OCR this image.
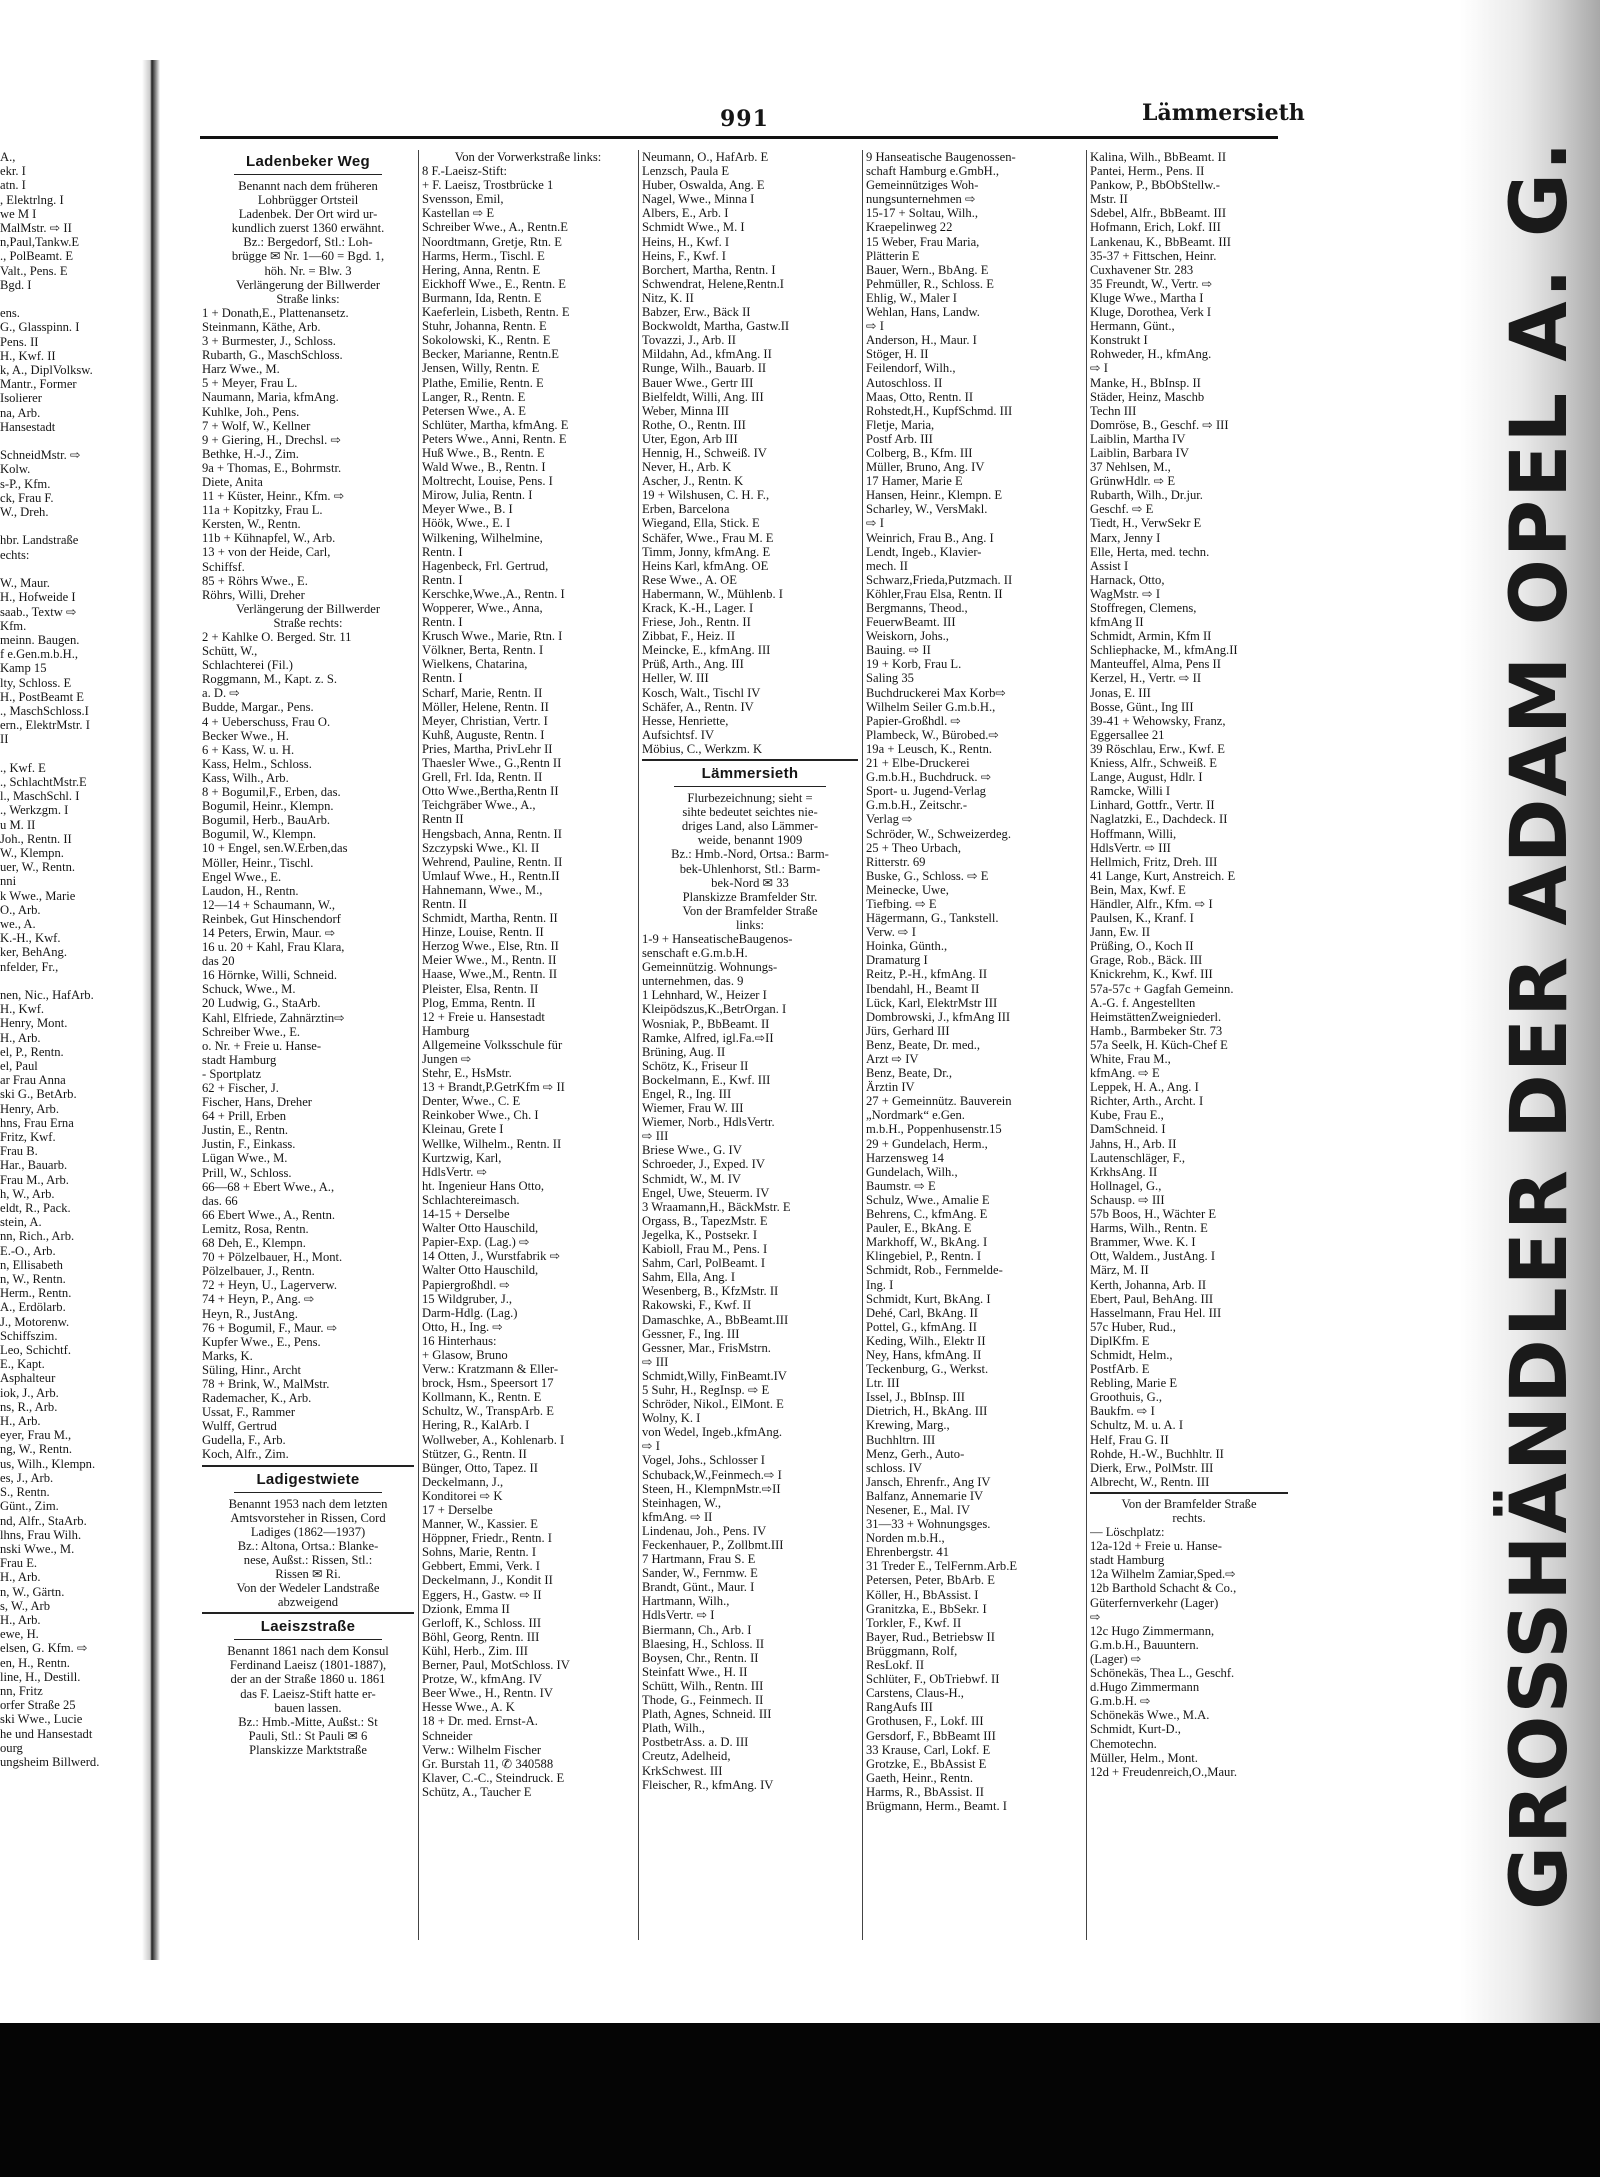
A.,
ekr. I
atn. I
, Elektrlng. I
we M I
MalMstr. ⇨ II
n,Paul,Tankw.E
., PolBeamt. E
Valt., Pens. E
Bgd. I

ens.
G., Glasspinn. I
Pens. II
H., Kwf. II
k, A., DiplVolksw.
Mantr., Former
Isolierer
na, Arb.
Hansestadt

SchneidMstr. ⇨
Kolw.
s-P., Kfm.
ck, Frau F.
W., Dreh.

hbr. Landstraße
echts:

W., Maur.
H., Hofweide I
saab., Textw ⇨
Kfm.
meinn. Baugen.
f e.Gen.m.b.H.,
Kamp 15
lty, Schloss. E
H., PostBeamt E
., MaschSchloss.I
ern., ElektrMstr. I
II

., Kwf. E
., SchlachtMstr.E
l., MaschSchl. I
., Werkzgm. I
u M. II
Joh., Rentn. II
W., Klempn.
uer, W., Rentn.
nni
k Wwe., Marie
O., Arb.
we., A.
K.-H., Kwf.
ker, BehAng.
nfelder, Fr.,

nen, Nic., HafArb.
H., Kwf.
Henry, Mont.
H., Arb.
el, P., Rentn.
el, Paul
ar Frau Anna
ski G., BetArb.
Henry, Arb.
hns, Frau Erna
Fritz, Kwf.
Frau B.
Har., Bauarb.
Frau M., Arb.
h, W., Arb.
eldt, R., Pack.
stein, A.
nn, Rich., Arb.
E.-O., Arb.
n, Ellisabeth
n, W., Rentn.
Herm., Rentn.
A., Erdölarb.
J., Motorenw.
Schiffszim.
Leo, Schichtf.
E., Kapt.
Asphalteur
iok, J., Arb.
ns, R., Arb.
H., Arb.
eyer, Frau M.,
ng, W., Rentn.
us, Wilh., Klempn.
es, J., Arb.
S., Rentn.
Günt., Zim.
nd, Alfr., StaArb.
lhns, Frau Wilh.
nski Wwe., M.
Frau E.
H., Arb.
n, W., Gärtn.
s, W., Arb
H., Arb.
ewe, H.
elsen, G. Kfm. ⇨
en, H., Rentn.
line, H., Destill.
nn, Fritz
orfer Straße 25
ski Wwe., Lucie
he und Hansestadt
ourg
ungsheim Billwerd.	GROSSHÄNDLER DER ADAM OPEL A. G.
991	Lämmersieth
Ladenbeker Weg
Benannt nach dem früheren
Lohbrügger Ortsteil
Ladenbek. Der Ort wird ur-
kundlich zuerst 1360 erwähnt.
Bz.: Bergedorf, Stl.: Loh-
brügge ✉ Nr. 1—60 = Bgd. 1,
höh. Nr. = Blw. 3
Verlängerung der Billwerder
Straße links:
1 + Donath,E., Plattenansetz.
Steinmann, Käthe, Arb.
3 + Burmester, J., Schloss.
Rubarth, G., MaschSchloss.
Harz Wwe., M.
5 + Meyer, Frau L.
Naumann, Maria, kfmAng.
Kuhlke, Joh., Pens.
7 + Wolf, W., Kellner
9 + Giering, H., Drechsl. ⇨
Bethke, H.-J., Zim.
9a + Thomas, E., Bohrmstr.
Diete, Anita
11 + Küster, Heinr., Kfm. ⇨
11a + Kopitzky, Frau L.
Kersten, W., Rentn.
11b + Kühnapfel, W., Arb.
13 + von der Heide, Carl,
Schiffsf.
85 + Röhrs Wwe., E.
Röhrs, Willi, Dreher
Verlängerung der Billwerder
Straße rechts:
2 + Kahlke O. Berged. Str. 11
Schütt, W.,
Schlachterei (Fil.)
Roggmann, M., Kapt. z. S.
a. D. ⇨
Budde, Margar., Pens.
4 + Ueberschuss, Frau O.
Becker Wwe., H.
6 + Kass, W. u. H.
Kass, Helm., Schloss.
Kass, Wilh., Arb.
8 + Bogumil,F., Erben, das.
Bogumil, Heinr., Klempn.
Bogumil, Herb., BauArb.
Bogumil, W., Klempn.
10 + Engel, sen.W.Erben,das
Möller, Heinr., Tischl.
Engel Wwe., E.
Laudon, H., Rentn.
12—14 + Schaumann, W.,
Reinbek, Gut Hinschendorf
14 Peters, Erwin, Maur. ⇨
16 u. 20 + Kahl, Frau Klara,
das 20
16 Hörnke, Willi, Schneid.
Schuck, Wwe., M.
20 Ludwig, G., StaArb.
Kahl, Elfriede, Zahnärztin⇨
Schreiber Wwe., E.
o. Nr. + Freie u. Hanse-
stadt Hamburg
- Sportplatz
62 + Fischer, J.
Fischer, Hans, Dreher
64 + Prill, Erben
Justin, E., Rentn.
Justin, F., Einkass.
Lügan Wwe., M.
Prill, W., Schloss.
66—68 + Ebert Wwe., A.,
das. 66
66 Ebert Wwe., A., Rentn.
Lemitz, Rosa, Rentn.
68 Deh, E., Klempn.
70 + Pölzelbauer, H., Mont.
Pölzelbauer, J., Rentn.
72 + Heyn, U., Lagerverw.
74 + Heyn, P., Ang. ⇨
Heyn, R., JustAng.
76 + Bogumil, F., Maur. ⇨
Kupfer Wwe., E., Pens.
Marks, K.
Süling, Hinr., Archt
78 + Brink, W., MalMstr.
Rademacher, K., Arb.
Ussat, F., Rammer
Wulff, Gertrud
Gudella, F., Arb.
Koch, Alfr., Zim.
Ladigestwiete
Benannt 1953 nach dem letzten
Amtsvorsteher in Rissen, Cord
Ladiges (1862—1937)
Bz.: Altona, Ortsa.: Blanke-
nese, Außst.: Rissen, Stl.:
Rissen ✉ Ri.
Von der Wedeler Landstraße
abzweigend
Laeiszstraße
Benannt 1861 nach dem Konsul
Ferdinand Laeisz (1801-1887),
der an der Straße 1860 u. 1861
das F. Laeisz-Stift hatte er-
bauen lassen.
Bz.: Hmb.-Mitte, Außst.: St
Pauli, Stl.: St Pauli ✉ 6
Planskizze Marktstraße
Von der Vorwerkstraße links:
8 F.-Laeisz-Stift:
+ F. Laeisz, Trostbrücke 1
Svensson, Emil,
Kastellan ⇨ E
Schreiber Wwe., A., Rentn.E
Noordtmann, Gretje, Rtn. E
Harms, Herm., Tischl. E
Hering, Anna, Rentn. E
Eickhoff Wwe., E., Rentn. E
Burmann, Ida, Rentn. E
Kaeferlein, Lisbeth, Rentn. E
Stuhr, Johanna, Rentn. E
Sokolowski, K., Rentn. E
Becker, Marianne, Rentn.E
Jensen, Willy, Rentn. E
Plathe, Emilie, Rentn. E
Langer, R., Rentn. E
Petersen Wwe., A. E
Schlüter, Martha, kfmAng. E
Peters Wwe., Anni, Rentn. E
Huß Wwe., B., Rentn. E
Wald Wwe., B., Rentn. I
Moltrecht, Louise, Pens. I
Mirow, Julia, Rentn. I
Meyer Wwe., B. I
Höök, Wwe., E. I
Wilkening, Wilhelmine,
Rentn. I
Hagenbeck, Frl. Gertrud,
Rentn. I
Kerschke,Wwe.,A., Rentn. I
Wopperer, Wwe., Anna,
Rentn. I
Krusch Wwe., Marie, Rtn. I
Völkner, Berta, Rentn. I
Wielkens, Chatarina,
Rentn. I
Scharf, Marie, Rentn. II
Möller, Helene, Rentn. II
Meyer, Christian, Vertr. I
Kuhß, Auguste, Rentn. I
Pries, Martha, PrivLehr II
Thaesler Wwe., G.,Rentn II
Grell, Frl. Ida, Rentn. II
Otto Wwe.,Bertha,Rentn II
Teichgräber Wwe., A.,
Rentn II
Hengsbach, Anna, Rentn. II
Szczypski Wwe., Kl. II
Wehrend, Pauline, Rentn. II
Umlauf Wwe., H., Rentn.II
Hahnemann, Wwe., M.,
Rentn. II
Schmidt, Martha, Rentn. II
Hinze, Louise, Rentn. II
Herzog Wwe., Else, Rtn. II
Meier Wwe., M., Rentn. II
Haase, Wwe.,M., Rentn. II
Pleister, Elsa, Rentn. II
Plog, Emma, Rentn. II
12 + Freie u. Hansestadt
Hamburg
Allgemeine Volksschule für
Jungen ⇨
Stehr, E., HsMstr.
13 + Brandt,P.GetrKfm ⇨ II
Denter, Wwe., C. E
Reinkober Wwe., Ch. I
Kleinau, Grete I
Wellke, Wilhelm., Rentn. II
Kurtzwig, Karl,
HdlsVertr. ⇨
ht. Ingenieur Hans Otto,
Schlachtereimasch.
14-15 + Derselbe
Walter Otto Hauschild,
Papier-Exp. (Lag.) ⇨
14 Otten, J., Wurstfabrik ⇨
Walter Otto Hauschild,
Papiergroßhdl. ⇨
15 Wildgruber, J.,
Darm-Hdlg. (Lag.)
Otto, H., Ing. ⇨
16 Hinterhaus:
+ Glasow, Bruno
Verw.: Kratzmann & Eller-
brock, Hsm., Speersort 17
Kollmann, K., Rentn. E
Schultz, W., TranspArb. E
Hering, R., KalArb. I
Wollweber, A., Kohlenarb. I
Stützer, G., Rentn. II
Bünger, Otto, Tapez. II
Deckelmann, J.,
Konditorei ⇨ K
17 + Derselbe
Manner, W., Kassier. E
Höppner, Friedr., Rentn. I
Sohns, Marie, Rentn. I
Gebbert, Emmi, Verk. I
Deckelmann, J., Kondit II
Eggers, H., Gastw. ⇨ II
Dzionk, Emma II
Gerloff, K., Schloss. III
Böhl, Georg, Rentn. III
Kühl, Herb., Zim. III
Berner, Paul, MotSchloss. IV
Protze, W., kfmAng. IV
Beer Wwe., H., Rentn. IV
Hesse Wwe., A. K
18 + Dr. med. Ernst-A.
Schneider
Verw.: Wilhelm Fischer
Gr. Burstah 11, ✆ 340588
Klaver, C.-C., Steindruck. E
Schütz, A., Taucher E
Neumann, O., HafArb. E
Lenzsch, Paula E
Huber, Oswalda, Ang. E
Nagel, Wwe., Minna I
Albers, E., Arb. I
Schmidt Wwe., M. I
Heins, H., Kwf. I
Heins, F., Kwf. I
Borchert, Martha, Rentn. I
Schwendrat, Helene,Rentn.I
Nitz, K. II
Babzer, Erw., Bäck II
Bockwoldt, Martha, Gastw.II
Tovazzi, J., Arb. II
Mildahn, Ad., kfmAng. II
Runge, Wilh., Bauarb. II
Bauer Wwe., Gertr III
Bielfeldt, Willi, Ang. III
Weber, Minna III
Rothe, O., Rentn. III
Uter, Egon, Arb III
Hennig, H., Schweiß. IV
Never, H., Arb. K
Ascher, J., Rentn. K
19 + Wilshusen, C. H. F.,
Erben, Barcelona
Wiegand, Ella, Stick. E
Schäfer, Wwe., Frau M. E
Timm, Jonny, kfmAng. E
Heins Karl, kfmAng. OE
Rese Wwe., A. OE
Habermann, W., Mühlenb. I
Krack, K.-H., Lager. I
Friese, Joh., Rentn. II
Zibbat, F., Heiz. II
Meincke, E., kfmAng. III
Prüß, Arth., Ang. III
Heller, W. III
Kosch, Walt., Tischl IV
Schäfer, A., Rentn. IV
Hesse, Henriette,
Aufsichtsf. IV
Möbius, C., Werkzm. K
Lämmersieth
Flurbezeichnung; sieht =
sihte bedeutet seichtes nie-
driges Land, also Lämmer-
weide, benannt 1909
Bz.: Hmb.-Nord, Ortsa.: Barm-
bek-Uhlenhorst, Stl.: Barm-
bek-Nord ✉ 33
Planskizze Bramfelder Str.
Von der Bramfelder Straße
links:
1-9 + HanseatischeBaugenos-
senschaft e.G.m.b.H.
Gemeinnützig. Wohnungs-
unternehmen, das. 9
1 Lehnhard, W., Heizer I
Kleipödszus,K.,BetrOrgan. I
Wosniak, P., BbBeamt. II
Ramke, Alfred, igl.Fa.⇨II
Brüning, Aug. II
Schötz, K., Friseur II
Bockelmann, E., Kwf. III
Engel, R., Ing. III
Wiemer, Frau W. III
Wiemer, Norb., HdlsVertr.
⇨ III
Briese Wwe., G. IV
Schroeder, J., Exped. IV
Schmidt, W., M. IV
Engel, Uwe, Steuerm. IV
3 Wraamann,H., BäckMstr. E
Orgass, B., TapezMstr. E
Jegelka, K., Postsekr. I
Kabioll, Frau M., Pens. I
Sahm, Carl, PolBeamt. I
Sahm, Ella, Ang. I
Wesenberg, B., KfzMstr. II
Rakowski, F., Kwf. II
Damaschke, A., BbBeamt.III
Gessner, F., Ing. III
Gessner, Mar., FrisMstrn.
⇨ III
Schmidt,Willy, FinBeamt.IV
5 Suhr, H., RegInsp. ⇨ E
Schröder, Nikol., ElMont. E
Wolny, K. I
von Wedel, Ingeb.,kfmAng.
⇨ I
Vogel, Johs., Schlosser I
Schuback,W.,Feinmech.⇨ I
Steen, H., KlempnMstr.⇨II
Steinhagen, W.,
kfmAng. ⇨ II
Lindenau, Joh., Pens. IV
Feckenhauer, P., Zollbmt.III
7 Hartmann, Frau S. E
Sander, W., Fernmw. E
Brandt, Günt., Maur. I
Hartmann, Wilh.,
HdlsVertr. ⇨ I
Biermann, Ch., Arb. I
Blaesing, H., Schloss. II
Boysen, Chr., Rentn. II
Steinfatt Wwe., H. II
Schütt, Wilh., Rentn. III
Thode, G., Feinmech. II
Plath, Agnes, Schneid. III
Plath, Wilh.,
PostbetrAss. a. D. III
Creutz, Adelheid,
KrkSchwest. III
Fleischer, R., kfmAng. IV
9 Hanseatische Baugenossen-
schaft Hamburg e.GmbH.,
Gemeinnütziges Woh-
nungsunternehmen ⇨
15-17 + Soltau, Wilh.,
Kraepelinweg 22
15 Weber, Frau Maria,
Plätterin E
Bauer, Wern., BbAng. E
Pehmüller, R., Schloss. E
Ehlig, W., Maler I
Wehlan, Hans, Landw.
⇨ I
Anderson, H., Maur. I
Stöger, H. II
Feilendorf, Wilh.,
Autoschloss. II
Maas, Otto, Rentn. II
Rohstedt,H., KupfSchmd. III
Fletje, Maria,
Postf Arb. III
Colberg, B., Kfm. III
Müller, Bruno, Ang. IV
17 Hamer, Marie E
Hansen, Heinr., Klempn. E
Scharley, W., VersMakl.
⇨ I
Weinrich, Frau B., Ang. I
Lendt, Ingeb., Klavier-
mech. II
Schwarz,Frieda,Putzmach. II
Köhler,Frau Elsa, Rentn. II
Bergmanns, Theod.,
FeuerwBeamt. III
Weiskorn, Johs.,
Bauing. ⇨ II
19 + Korb, Frau L.
Saling 35
Buchdruckerei Max Korb⇨
Wilhelm Seiler G.m.b.H.,
Papier-Großhdl. ⇨
Plambeck, W., Bürobed.⇨
19a + Leusch, K., Rentn.
21 + Elbe-Druckerei
G.m.b.H., Buchdruck. ⇨
Sport- u. Jugend-Verlag
G.m.b.H., Zeitschr.-
Verlag ⇨
Schröder, W., Schweizerdeg.
25 + Theo Urbach,
Ritterstr. 69
Buske, G., Schloss. ⇨ E
Meinecke, Uwe,
Tiefbing. ⇨ E
Hägermann, G., Tankstell.
Verw. ⇨ I
Hoinka, Günth.,
Dramaturg I
Reitz, P.-H., kfmAng. II
Ibendahl, H., Beamt II
Lück, Karl, ElektrMstr III
Dombrowski, J., kfmAng III
Jürs, Gerhard III
Benz, Beate, Dr. med.,
Arzt ⇨ IV
Benz, Beate, Dr.,
Ärztin IV
27 + Gemeinnütz. Bauverein
„Nordmark“ e.Gen.
m.b.H., Poppenhusenstr.15
29 + Gundelach, Herm.,
Harzensweg 14
Gundelach, Wilh.,
Baumstr. ⇨ E
Schulz, Wwe., Amalie E
Behrens, C., kfmAng. E
Pauler, E., BkAng. E
Markhoff, W., BkAng. I
Klingebiel, P., Rentn. I
Schmidt, Rob., Fernmelde-
Ing. I
Schmidt, Kurt, BkAng. I
Dehé, Carl, BkAng. II
Pottel, G., kfmAng. II
Keding, Wilh., Elektr II
Ney, Hans, kfmAng. II
Teckenburg, G., Werkst.
Ltr. III
Issel, J., BbInsp. III
Dietrich, H., BkAng. III
Krewing, Marg.,
Buchhltrn. III
Menz, Gerh., Auto-
schloss. IV
Jansch, Ehrenfr., Ang IV
Balfanz, Annemarie IV
Nesener, E., Mal. IV
31—33 + Wohnungsges.
Norden m.b.H.,
Ehrenbergstr. 41
31 Treder E., TelFernm.Arb.E
Petersen, Peter, BbArb. E
Köller, H., BbAssist. I
Granitzka, E., BbSekr. I
Torkler, F., Kwf. II
Bayer, Rud., Betriebsw II
Brüggmann, Rolf,
ResLokf. II
Schlüter, F., ObTriebwf. II
Carstens, Claus-H.,
RangAufs III
Grothusen, F., Lokf. III
Gersdorf, F., BbBeamt III
33 Krause, Carl, Lokf. E
Grotzke, E., BbAssist E
Gaeth, Heinr., Rentn.
Harms, R., BbAssist. II
Brügmann, Herm., Beamt. I
Kalina, Wilh., BbBeamt. II
Pantei, Herm., Pens. II
Pankow, P., BbObStellw.-
Mstr. II
Sdebel, Alfr., BbBeamt. III
Hofmann, Erich, Lokf. III
Lankenau, K., BbBeamt. III
35-37 + Fittschen, Heinr.
Cuxhavener Str. 283
35 Freundt, W., Vertr. ⇨
Kluge Wwe., Martha I
Kluge, Dorothea, Verk I
Hermann, Günt.,
Konstrukt I
Rohweder, H., kfmAng.
⇨ I
Manke, H., BbInsp. II
Städer, Heinz, Maschb
Techn III
Domröse, B., Geschf. ⇨ III
Laiblin, Martha IV
Laiblin, Barbara IV
37 Nehlsen, M.,
GrünwHdlr. ⇨ E
Rubarth, Wilh., Dr.jur.
Geschf. ⇨ E
Tiedt, H., VerwSekr E
Marx, Jenny I
Elle, Herta, med. techn.
Assist I
Harnack, Otto,
WagMstr. ⇨ I
Stoffregen, Clemens,
kfmAng II
Schmidt, Armin, Kfm II
Schliephacke, M., kfmAng.II
Manteuffel, Alma, Pens II
Kerzel, H., Vertr. ⇨ II
Jonas, E. III
Bosse, Günt., Ing III
39-41 + Wehowsky, Franz,
Eggersallee 21
39 Röschlau, Erw., Kwf. E
Kniess, Alfr., Schweiß. E
Lange, August, Hdlr. I
Ramcke, Willi I
Linhard, Gottfr., Vertr. II
Naglatzki, E., Dachdeck. II
Hoffmann, Willi,
HdlsVertr. ⇨ III
Hellmich, Fritz, Dreh. III
41 Lange, Kurt, Anstreich. E
Bein, Max, Kwf. E
Händler, Alfr., Kfm. ⇨ I
Paulsen, K., Kranf. I
Jann, Ew. II
Prüßing, O., Koch II
Grage, Rob., Bäck. III
Knickrehm, K., Kwf. III
57a-57c + Gagfah Gemeinn.
A.-G. f. Angestellten
HeimstättenZweigniederl.
Hamb., Barmbeker Str. 73
57a Seelk, H. Küch-Chef E
White, Frau M.,
kfmAng. ⇨ E
Leppek, H. A., Ang. I
Richter, Arth., Archt. I
Kube, Frau E.,
DamSchneid. I
Jahns, H., Arb. II
Lautenschläger, F.,
KrkhsAng. II
Hollnagel, G.,
Schausp. ⇨ III
57b Boos, H., Wächter E
Harms, Wilh., Rentn. E
Brammer, Wwe. K. I
Ott, Waldem., JustAng. I
März, M. II
Kerth, Johanna, Arb. II
Ebert, Paul, BehAng. III
Hasselmann, Frau Hel. III
57c Huber, Rud.,
DiplKfm. E
Schmidt, Helm.,
PostfArb. E
Rebling, Marie E
Groothuis, G.,
Baukfm. ⇨ I
Schultz, M. u. A. I
Helf, Frau G. II
Rohde, H.-W., Buchhltr. II
Dierk, Erw., PolMstr. III
Albrecht, W., Rentn. III
Von der Bramfelder Straße
rechts.
— Löschplatz:
12a-12d + Freie u. Hanse-
stadt Hamburg
12a Wilhelm Zamiar,Sped.⇨
12b Barthold Schacht & Co.,
Güterfernverkehr (Lager)
⇨
12c Hugo Zimmermann,
G.m.b.H., Bauuntern.
(Lager) ⇨
Schönekäs, Thea L., Geschf.
d.Hugo Zimmermann
G.m.b.H. ⇨
Schönekäs Wwe., M.A.
Schmidt, Kurt-D.,
Chemotechn.
Müller, Helm., Mont.
12d + Freudenreich,O.,Maur.
